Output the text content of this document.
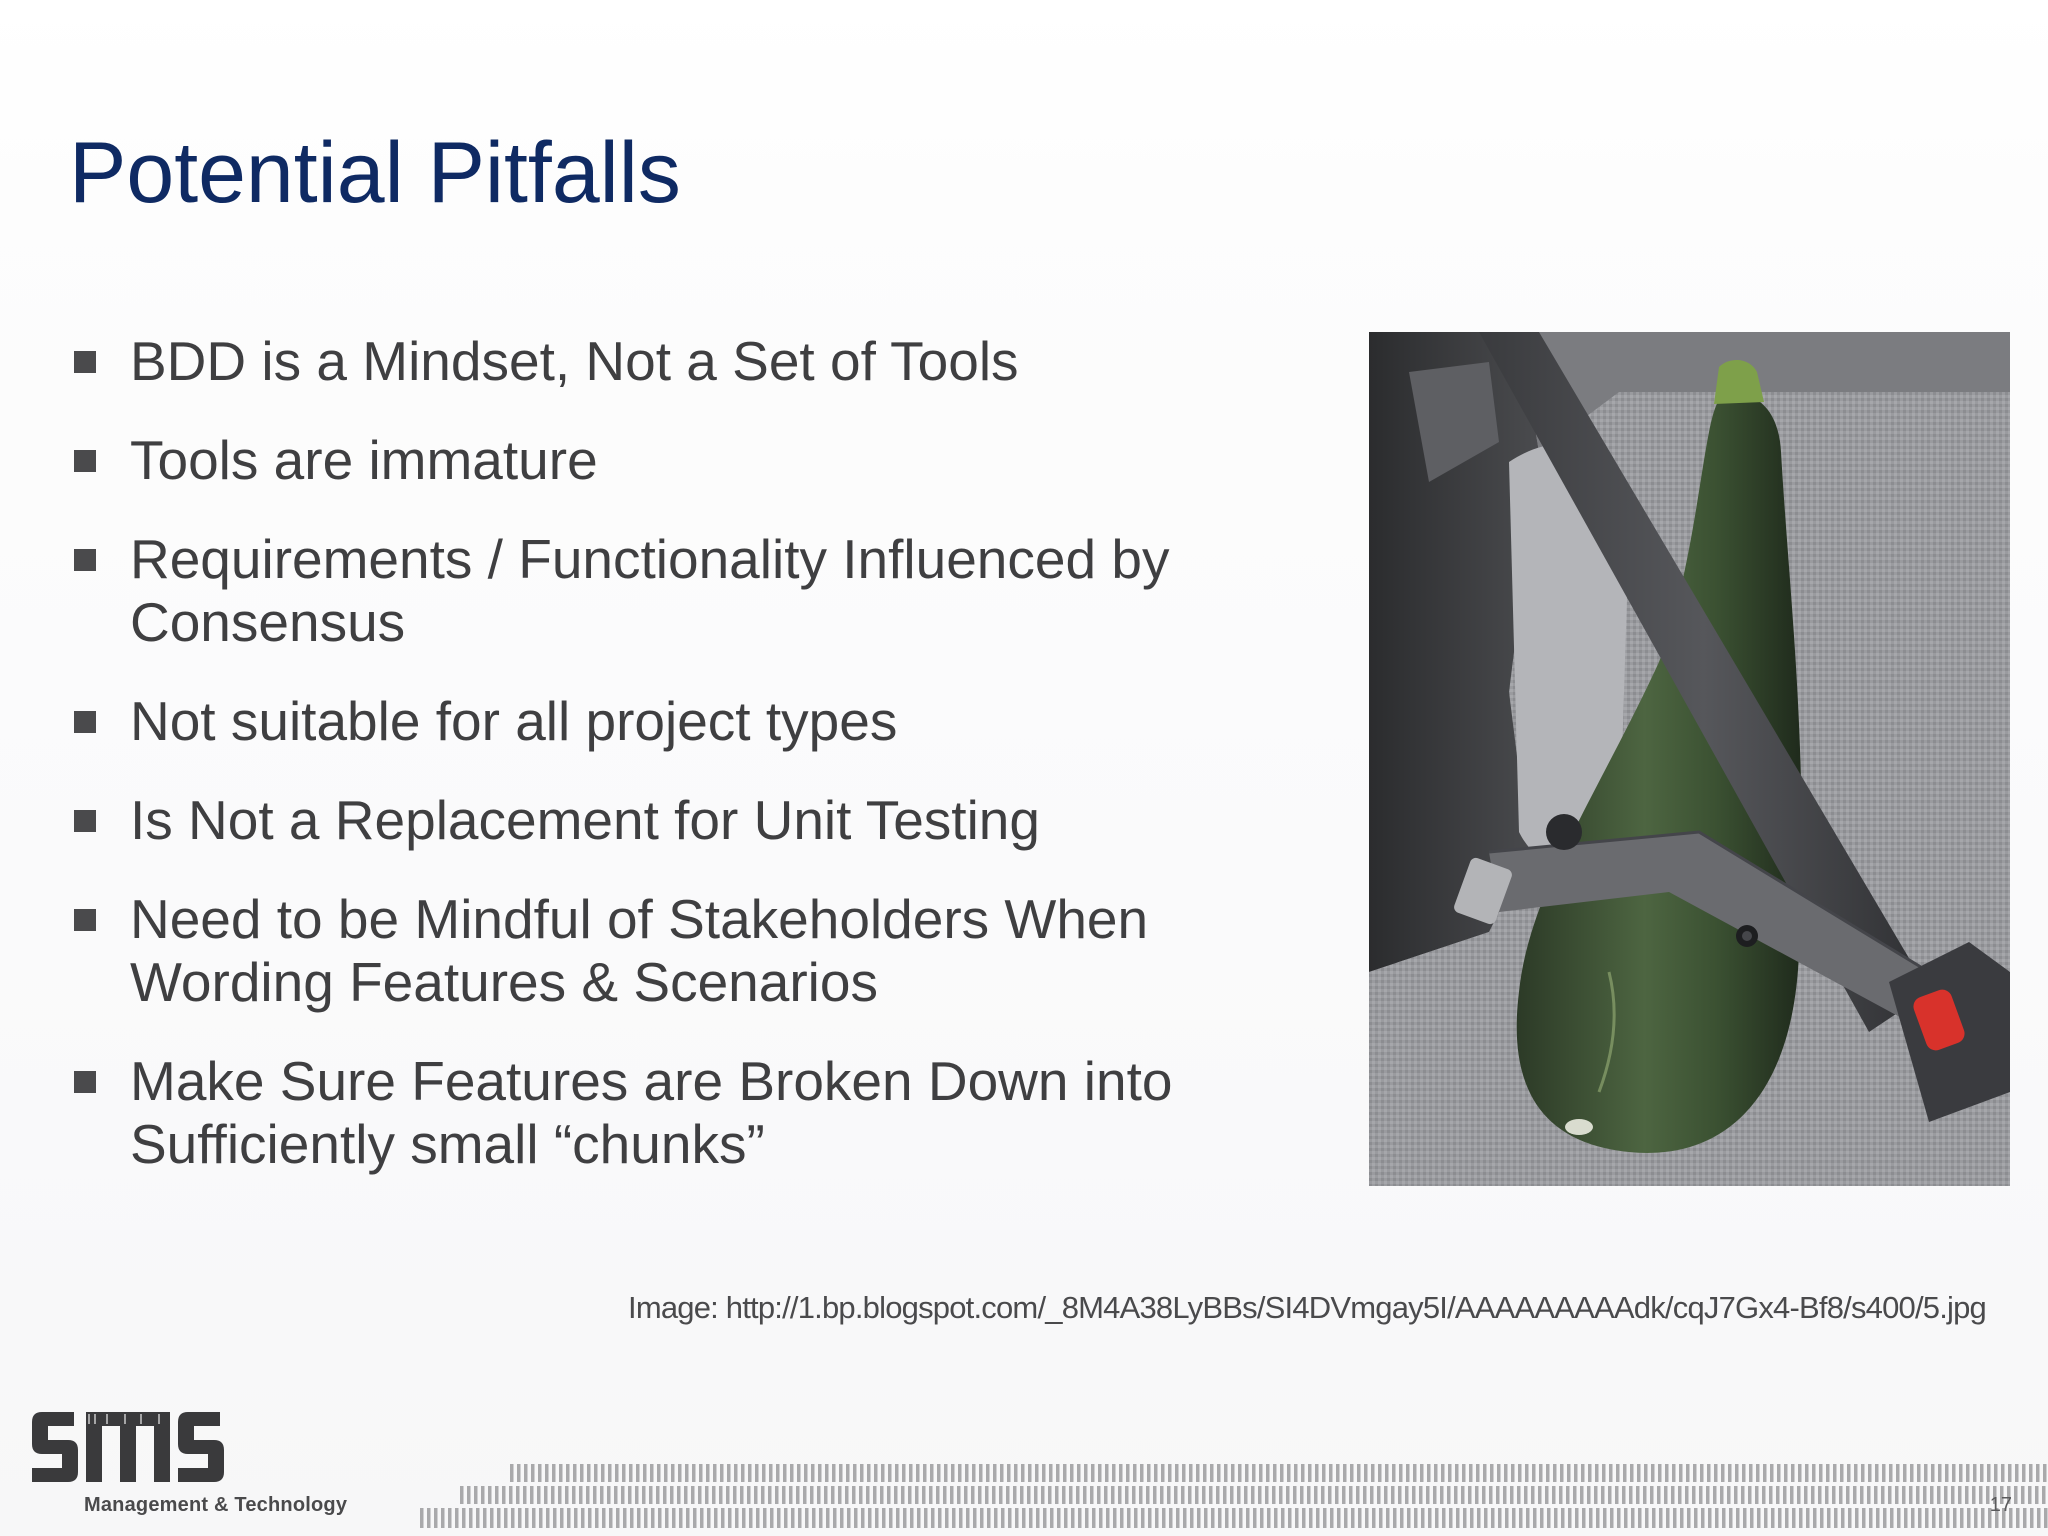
Potential Pitfalls
BDD is a Mindset, Not a Set of Tools
Tools are immature
Requirements / Functionality Influenced by Consensus
Not suitable for all project types
Is Not a Replacement for Unit Testing
Need to be Mindful of Stakeholders When Wording Features & Scenarios
Make Sure Features are Broken Down into Sufficiently small “chunks”
Image: http://1.bp.blogspot.com/_8M4A38LyBBs/SI4DVmgay5I/AAAAAAAAAdk/cqJ7Gx4-Bf8/s400/5.jpg
Management & Technology	17
